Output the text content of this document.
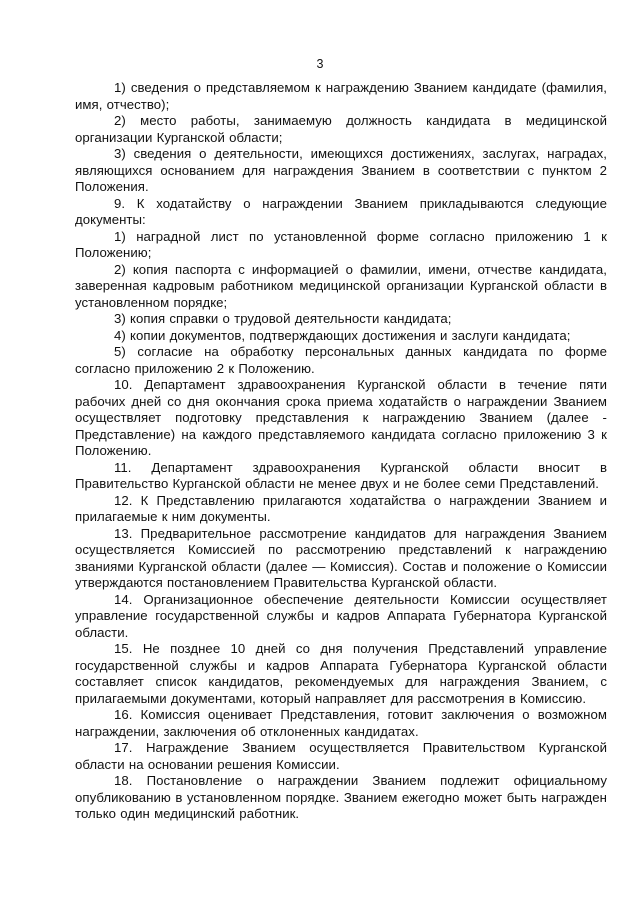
3

1) сведения о представляемом к награждению Званием кандидате (фамилия, имя, отчество);

2) место работы, занимаемую должность кандидата в медицинской организации Курганской области;

3) сведения о деятельности, имеющихся достижениях, заслугах, наградах, являющихся основанием для награждения Званием в соответствии с пунктом 2 Положения.

9. К ходатайству о награждении Званием прикладываются следующие документы:

1) наградной лист по установленной форме согласно приложению 1 к Положению;

2) копия паспорта с информацией о фамилии, имени, отчестве кандидата, заверенная кадровым работником медицинской организации Курганской области в установленном порядке;

3) копия справки о трудовой деятельности кандидата;

4) копии документов, подтверждающих достижения и заслуги кандидата;

5) согласие на обработку персональных данных кандидата по форме согласно приложению 2 к Положению.

10. Департамент здравоохранения Курганской области в течение пяти рабочих дней со дня окончания срока приема ходатайств о награждении Званием осуществляет подготовку представления к награждению Званием (далее - Представление) на каждого представляемого кандидата согласно приложению 3 к Положению.

11. Департамент здравоохранения Курганской области вносит в Правительство Курганской области не менее двух и не более семи Представлений.

12. К Представлению прилагаются ходатайства о награждении Званием и прилагаемые к ним документы.

13. Предварительное рассмотрение кандидатов для награждения Званием осуществляется Комиссией по рассмотрению представлений к награждению званиями Курганской области (далее — Комиссия). Состав и положение о Комиссии утверждаются постановлением Правительства Курганской области.

14. Организационное обеспечение деятельности Комиссии осуществляет управление государственной службы и кадров Аппарата Губернатора Курганской области.

15. Не позднее 10 дней со дня получения Представлений управление государственной службы и кадров Аппарата Губернатора Курганской области составляет список кандидатов, рекомендуемых для награждения Званием, с прилагаемыми документами, который направляет для рассмотрения в Комиссию.

16. Комиссия оценивает Представления, готовит заключения о возможном награждении, заключения об отклоненных кандидатах.

17. Награждение Званием осуществляется Правительством Курганской области на основании решения Комиссии.

18. Постановление о награждении Званием подлежит официальному опубликованию в установленном порядке. Званием ежегодно может быть награжден только один медицинский работник.
